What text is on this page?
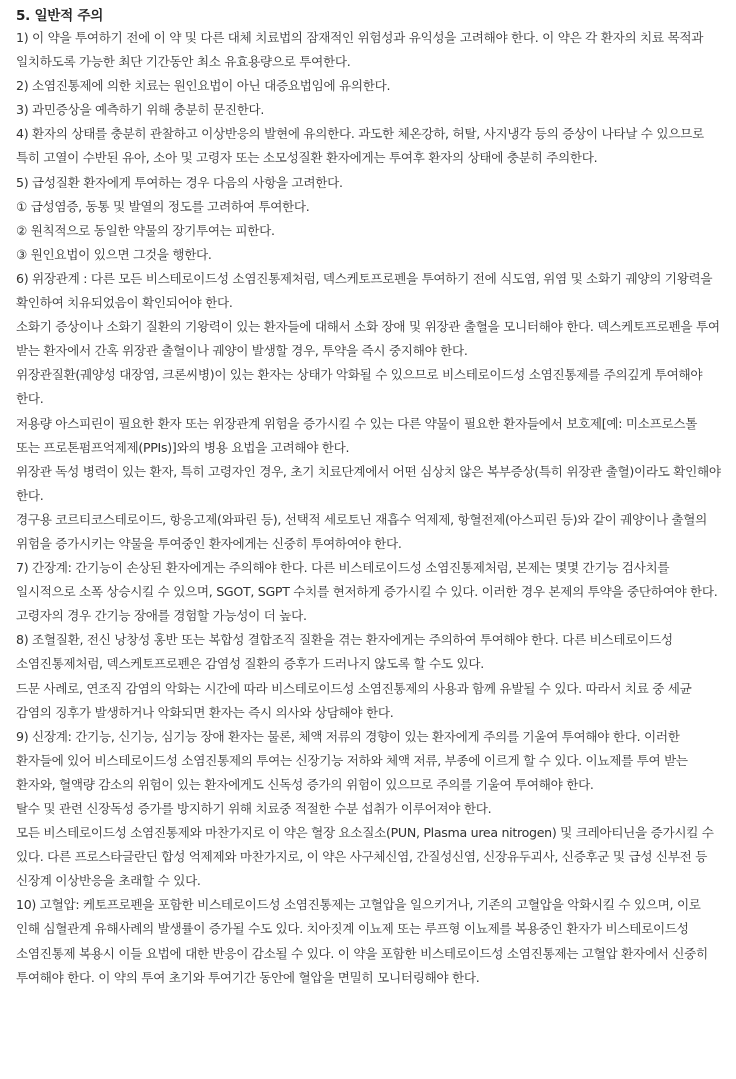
5. 일반적 주의

1) 이 약을 투여하기 전에 이 약 및 다른 대체 치료법의 잠재적인 위험성과 유익성을 고려해야 한다. 이 약은 각 환자의 치료 목적과 일치하도록 가능한 최단 기간동안 최소 유효용량으로 투여한다.

2) 소염진통제에 의한 치료는 원인요법이 아닌 대증요법임에 유의한다.

3) 과민증상을 예측하기 위해 충분히 문진한다.

4) 환자의 상태를 충분히 관찰하고 이상반응의 발현에 유의한다. 과도한 체온강하, 허탈, 사지냉각 등의 증상이 나타날 수 있으므로 특히 고열이 수반된 유아, 소아 및 고령자 또는 소모성질환 환자에게는 투여후 환자의 상태에 충분히 주의한다.

5) 급성질환 환자에게 투여하는 경우 다음의 사항을 고려한다.

① 급성염증, 동통 및 발열의 정도를 고려하여 투여한다.

② 원칙적으로 동일한 약물의 장기투여는 피한다.

③ 원인요법이 있으면 그것을 행한다.

6) 위장관계 : 다른 모든 비스테로이드성 소염진통제처럼, 덱스케토프로펜을 투여하기 전에 식도염, 위염 및 소화기 궤양의 기왕력을 확인하여 치유되었음이 확인되어야 한다.

소화기 증상이나 소화기 질환의 기왕력이 있는 환자들에 대해서 소화 장애 및 위장관 출혈을 모니터해야 한다. 덱스케토프로펜을 투여 받는 환자에서 간혹 위장관 출혈이나 궤양이 발생할 경우, 투약을 즉시 중지해야 한다.

위장관질환(궤양성 대장염, 크론씨병)이 있는 환자는 상태가 악화될 수 있으므로 비스테로이드성 소염진통제를 주의깊게 투여해야 한다.

저용량 아스피린이 필요한 환자 또는 위장관계 위험을 증가시킬 수 있는 다른 약물이 필요한 환자들에서 보호제[예: 미소프로스톨 또는 프로톤펌프억제제(PPIs)]와의 병용 요법을 고려해야 한다.

위장관 독성 병력이 있는 환자, 특히 고령자인 경우, 초기 치료단계에서 어떤 심상치 않은 복부증상(특히 위장관 출혈)이라도 확인해야 한다.

경구용 코르티코스테로이드, 항응고제(와파린 등), 선택적 세로토닌 재흡수 억제제, 항혈전제(아스피린 등)와 같이 궤양이나 출혈의 위험을 증가시키는 약물을 투여중인 환자에게는 신중히 투여하여야 한다.

7) 간장계: 간기능이 손상된 환자에게는 주의해야 한다. 다른 비스테로이드성 소염진통제처럼, 본제는 몇몇 간기능 검사치를 일시적으로 소폭 상승시킬 수 있으며, SGOT, SGPT 수치를 현저하게 증가시킬 수 있다. 이러한 경우 본제의 투약을 중단하여야 한다. 고령자의 경우 간기능 장애를 경험할 가능성이 더 높다.

8) 조혈질환, 전신 낭창성 홍반 또는 복합성 결합조직 질환을 겪는 환자에게는 주의하여 투여해야 한다. 다른 비스테로이드성 소염진통제처럼, 덱스케토프로펜은 감염성 질환의 증후가 드러나지 않도록 할 수도 있다.

드문 사례로, 연조직 감염의 악화는 시간에 따라 비스테로이드성 소염진통제의 사용과 함께 유발될 수 있다. 따라서 치료 중 세균 감염의 징후가 발생하거나 악화되면 환자는 즉시 의사와 상담해야 한다.

9) 신장계: 간기능, 신기능, 심기능 장애 환자는 물론, 체액 저류의 경향이 있는 환자에게 주의를 기울여 투여해야 한다. 이러한 환자들에 있어 비스테로이드성 소염진통제의 투여는 신장기능 저하와 체액 저류, 부종에 이르게 할 수 있다. 이뇨제를 투여 받는 환자와, 혈액량 감소의 위험이 있는 환자에게도 신독성 증가의 위험이 있으므로 주의를 기울여 투여해야 한다.

탈수 및 관련 신장독성 증가를 방지하기 위해 치료중 적절한 수분 섭취가 이루어져야 한다.

모든 비스테로이드성 소염진통제와 마찬가지로 이 약은 혈장 요소질소(PUN, Plasma urea nitrogen) 및 크레아티닌을 증가시킬 수 있다. 다른 프로스타글란딘 합성 억제제와 마찬가지로, 이 약은 사구체신염, 간질성신염, 신장유두괴사, 신증후군 및 급성 신부전 등 신장계 이상반응을 초래할 수 있다.

10) 고혈압: 케토프로펜을 포함한 비스테로이드성 소염진통제는 고혈압을 일으키거나, 기존의 고혈압을 악화시킬 수 있으며, 이로 인해 심혈관계 유해사례의 발생률이 증가될 수도 있다. 치아짓계 이뇨제 또는 루프형 이뇨제를 복용중인 환자가 비스테로이드성 소염진통제 복용시 이들 요법에 대한 반응이 감소될 수 있다. 이 약을 포함한 비스테로이드성 소염진통제는 고혈압 환자에서 신중히 투여해야 한다. 이 약의 투여 초기와 투여기간 동안에 혈압을 면밀히 모니터링해야 한다.
